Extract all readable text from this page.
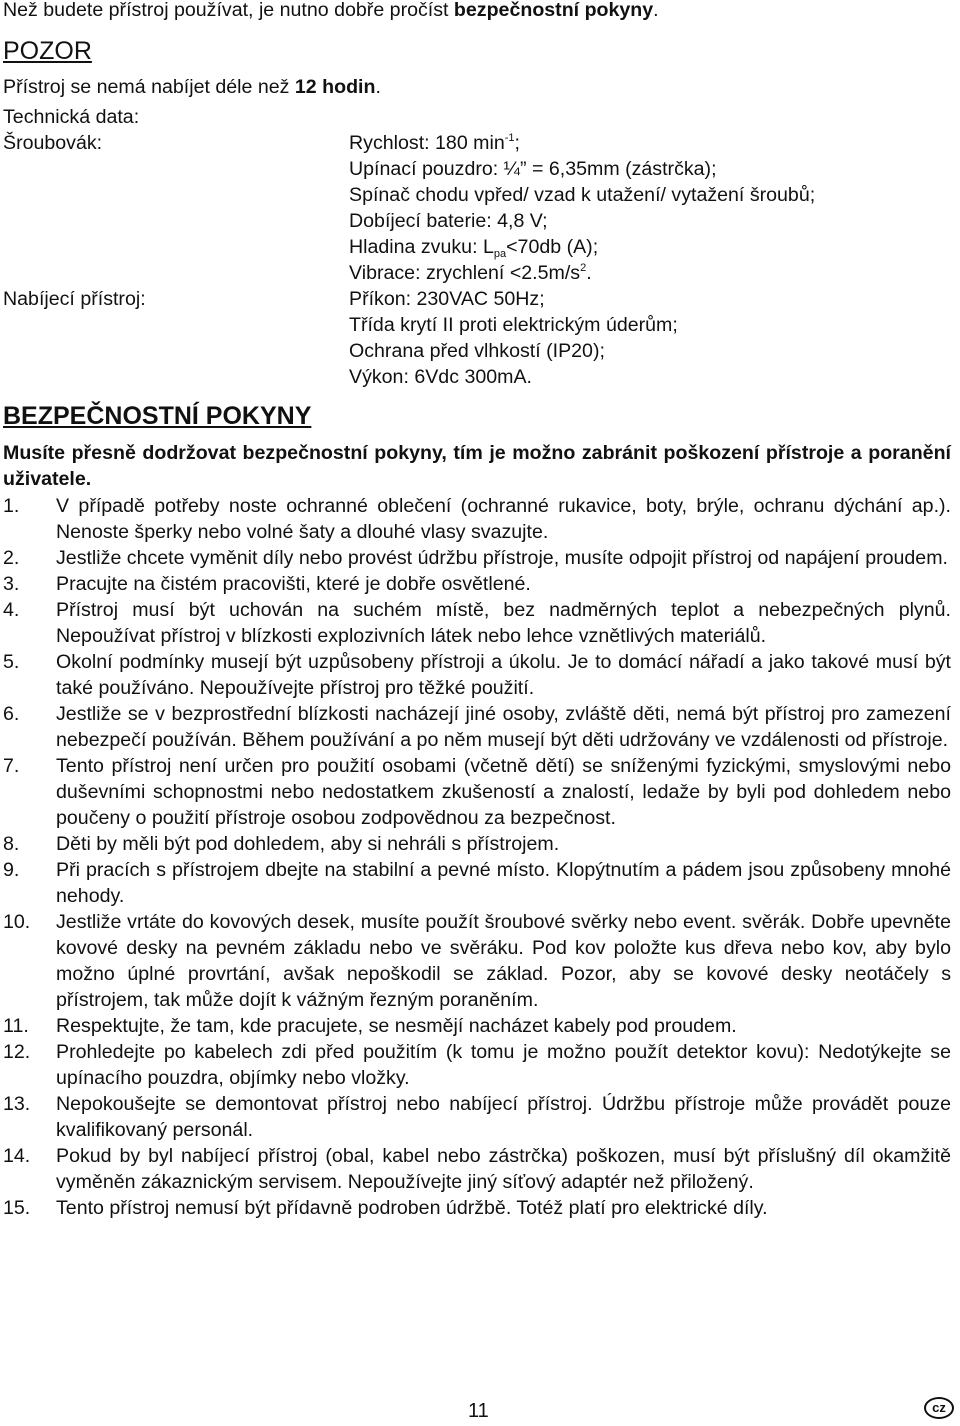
Než budete přístroj používat, je nutno dobře pročíst bezpečnostní pokyny.
POZOR
Přístroj se nemá nabíjet déle než 12 hodin.
Technická data:
Šroubovák:	Rychlost: 180 $\min^{-1}$;
Upínací pouzdro: ¼” = 6,35mm (zástrčka);
Spínač chodu vpřed/ vzad k utažení/ vytažení šroubů;
Dobíjecí baterie: 4,8 V;
Hladina zvuku: $L_{pa}<70db$ (A);
Vibrace: zrychlení $<2.5m/s^2$.
Nabíjecí přístroj:	Příkon: 230VAC 50Hz;
Třída krytí II proti elektrickým úderům;
Ochrana před vlhkostí (IP20);
Výkon: 6Vdc 300mA.
BEZPEČNOSTNÍ POKYNY
Musíte přesně dodržovat bezpečnostní pokyny, tím je možno zabránit poškození přístroje a poranění uživatele.
1.	V případě potřeby noste ochranné oblečení (ochranné rukavice, boty, brýle, ochranu dýchání ap.). Nenoste šperky nebo volné šaty a dlouhé vlasy svazujte.
2.	Jestliže chcete vyměnit díly nebo provést údržbu přístroje, musíte odpojit přístroj od napájení proudem.
3.	Pracujte na čistém pracovišti, které je dobře osvětlené.
4.	Přístroj musí být uchován na suchém místě, bez nadměrných teplot a nebezpečných plynů. Nepoužívat přístroj v blízkosti explozivních látek nebo lehce vznětlivých materiálů.
5.	Okolní podmínky musejí být uzpůsobeny přístroji a úkolu. Je to domácí nářadí a jako takové musí být také používáno. Nepoužívejte přístroj pro těžké použití.
6.	Jestliže se v bezprostřední blízkosti nacházejí jiné osoby, zvláště děti, nemá být přístroj pro zamezení nebezpečí používán. Během používání a po něm musejí být děti udržovány ve vzdálenosti od přístroje.
7.	Tento přístroj není určen pro použití osobami (včetně dětí) se sníženými fyzickými, smyslovými nebo duševními schopnostmi nebo nedostatkem zkušeností a znalostí, ledaže by byli pod dohledem nebo poučeny o použití přístroje osobou zodpovědnou za bezpečnost.
8.	Děti by měli být pod dohledem, aby si nehráli s přístrojem.
9.	Při pracích s přístrojem dbejte na stabilní a pevné místo. Klopýtnutím a pádem jsou způsobeny mnohé nehody.
10.	Jestliže vrtáte do kovových desek, musíte použít šroubové svěrky nebo event. svěrák. Dobře upevněte kovové desky na pevném základu nebo ve svěráku. Pod kov položte kus dřeva nebo kov, aby bylo možno úplné provrtání, avšak nepoškodil se základ. Pozor, aby se kovové desky neotáčely s přístrojem, tak může dojít k vážným řezným poraněním.
11.	Respektujte, že tam, kde pracujete, se nesmějí nacházet kabely pod proudem.
12.	Prohledejte po kabelech zdi před použitím (k tomu je možno použít detektor kovu): Nedotýkejte se upínacího pouzdra, objímky nebo vložky.
13.	Nepokoušejte se demontovat přístroj nebo nabíjecí přístroj. Údržbu přístroje může provádět pouze kvalifikovaný personál.
14.	Pokud by byl nabíjecí přístroj (obal, kabel nebo zástrčka) poškozen, musí být příslušný díl okamžitě vyměněn zákaznickým servisem. Nepoužívejte jiný síťový adaptér než přiložený.
15.	Tento přístroj nemusí být přídavně podroben údržbě. Totéž platí pro elektrické díly.
11	cz
